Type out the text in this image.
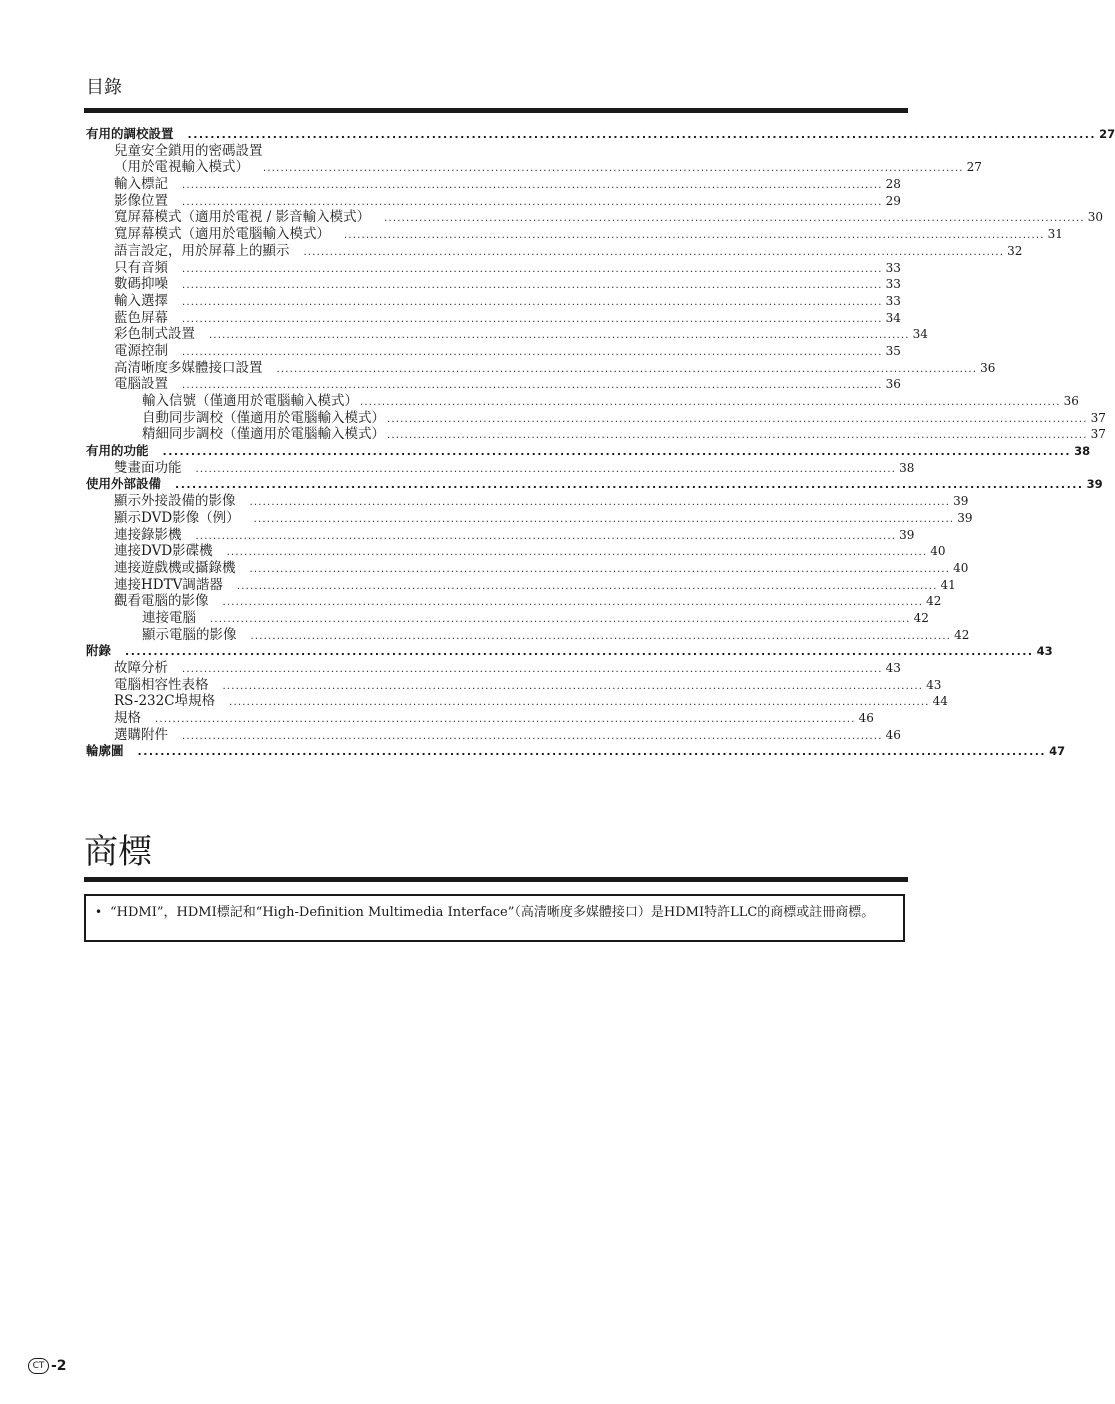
目錄
有用的調校設置 ................................................................................................................................................................ 27
兒童安全鎖用的密碼設置
（用於電視輸入模式） ................................................................................................................................................................ 27
輸入標記 ................................................................................................................................................................ 28
影像位置 ................................................................................................................................................................ 29
寬屏幕模式（適用於電視 / 影音輸入模式） ................................................................................................................................................................ 30
寬屏幕模式（適用於電腦輸入模式） ................................................................................................................................................................ 31
語言設定，用於屏幕上的顯示 ................................................................................................................................................................ 32
只有音頻 ................................................................................................................................................................ 33
數碼抑噪 ................................................................................................................................................................ 33
輸入選擇 ................................................................................................................................................................ 33
藍色屏幕 ................................................................................................................................................................ 34
彩色制式設置 ................................................................................................................................................................ 34
電源控制 ................................................................................................................................................................ 35
高清晰度多媒體接口設置 ................................................................................................................................................................ 36
電腦設置 ................................................................................................................................................................ 36
輸入信號（僅適用於電腦輸入模式） ................................................................................................................................................................ 36
自動同步調校（僅適用於電腦輸入模式） ................................................................................................................................................................ 37
精細同步調校（僅適用於電腦輸入模式） ................................................................................................................................................................ 37
有用的功能 ................................................................................................................................................................ 38
雙畫面功能 ................................................................................................................................................................ 38
使用外部設備 ................................................................................................................................................................ 39
顯示外接設備的影像 ................................................................................................................................................................ 39
顯示DVD影像（例） ................................................................................................................................................................ 39
連接錄影機 ................................................................................................................................................................ 39
連接DVD影碟機 ................................................................................................................................................................ 40
連接遊戲機或攝錄機 ................................................................................................................................................................ 40
連接HDTV調諧器 ................................................................................................................................................................ 41
觀看電腦的影像 ................................................................................................................................................................ 42
連接電腦 ................................................................................................................................................................ 42
顯示電腦的影像 ................................................................................................................................................................ 42
附錄 ................................................................................................................................................................ 43
故障分析 ................................................................................................................................................................ 43
電腦相容性表格 ................................................................................................................................................................ 43
RS-232C埠規格 ................................................................................................................................................................ 44
規格 ................................................................................................................................................................ 46
選購附件 ................................................................................................................................................................ 46
輪廓圖 ................................................................................................................................................................ 47
商標
• “HDMI”，HDMI標記和“High-Definition Multimedia Interface”（高清晰度多媒體接口）是HDMI特許LLC的商標或註冊商標。
CT -2
